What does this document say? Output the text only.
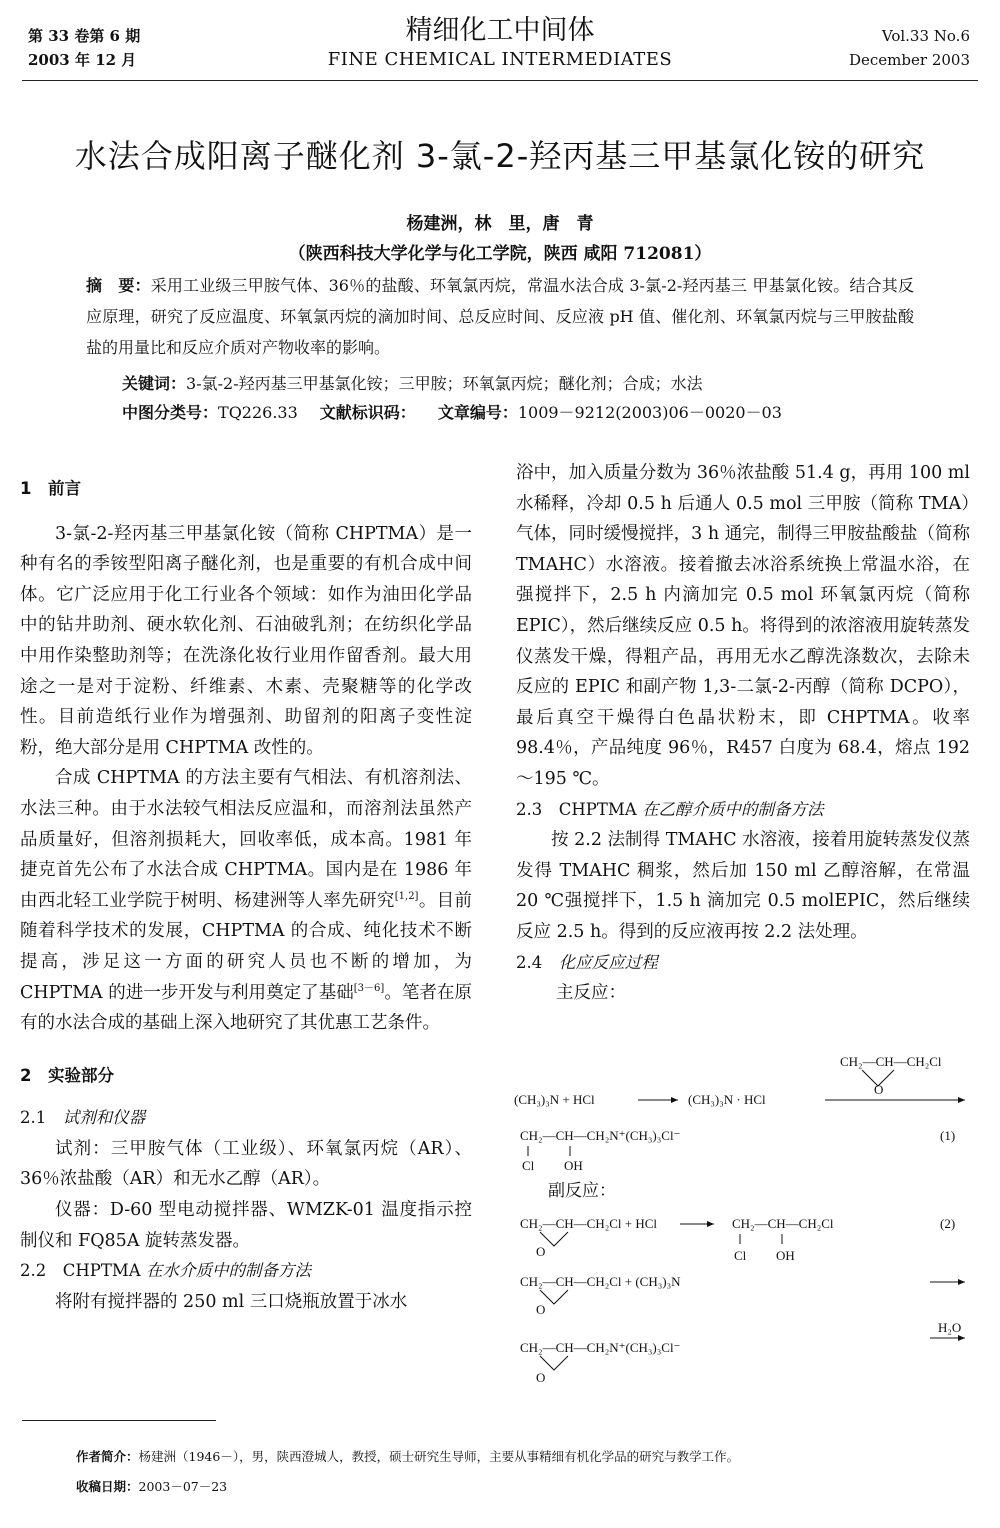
第 33 卷第 6 期
2003 年 12 月
精细化工中间体
FINE CHEMICAL INTERMEDIATES
Vol.33 No.6
December 2003
水法合成阳离子醚化剂 3-氯-2-羟丙基三甲基氯化铵的研究
杨建洲，林　里，唐　青
（陕西科技大学化学与化工学院，陕西 咸阳 712081）
摘　要：采用工业级三甲胺气体、36％的盐酸、环氧氯丙烷，常温水法合成 3-氯-2-羟丙基三 甲基氯化铵。结合其反应原理，研究了反应温度、环氧氯丙烷的滴加时间、总反应时间、反应液 pH 值、催化剂、环氧氯丙烷与三甲胺盐酸盐的用量比和反应介质对产物收率的影响。
关键词：3-氯-2-羟丙基三甲基氯化铵；三甲胺；环氧氯丙烷；醚化剂；合成；水法
中图分类号：TQ226.33 文献标识码： 文章编号：1009－9212(2003)06－0020－03
1　前言

3-氯-2-羟丙基三甲基氯化铵（简称 CHPTMA）是一种有名的季铵型阳离子醚化剂，也是重要的有机合成中间体。它广泛应用于化工行业各个领域：如作为油田化学品中的钻井助剂、硬水软化剂、石油破乳剂；在纺织化学品中用作染整助剂等；在洗涤化妆行业用作留香剂。最大用途之一是对于淀粉、纤维素、木素、壳聚糖等的化学改性。目前造纸行业作为增强剂、助留剂的阳离子变性淀粉，绝大部分是用 CHPTMA 改性的。

合成 CHPTMA 的方法主要有气相法、有机溶剂法、水法三种。由于水法较气相法反应温和，而溶剂法虽然产品质量好，但溶剂损耗大，回收率低，成本高。1981 年捷克首先公布了水法合成 CHPTMA。国内是在 1986 年由西北轻工业学院于树明、杨建洲等人率先研究[1,2]。目前随着科学技术的发展，CHPTMA 的合成、纯化技术不断提高，涉足这一方面的研究人员也不断的增加，为 CHPTMA 的进一步开发与利用奠定了基础[3－6]。笔者在原有的水法合成的基础上深入地研究了其优惠工艺条件。

2　实验部分
2.1　 试剂和仪器

试剂：三甲胺气体（工业级）、环氧氯丙烷（AR）、36％浓盐酸（AR）和无水乙醇（AR）。

仪器：D-60 型电动搅拌器、WMZK-01 温度指示控制仪和 FQ85A 旋转蒸发器。

2.2　 CHPTMA 在水介质中的制备方法

将附有搅拌器的 250 ml 三口烧瓶放置于冰水

浴中，加入质量分数为 36％浓盐酸 51.4 g，再用 100 ml 水稀释，冷却 0.5 h 后通人 0.5 mol 三甲胺（简称 TMA）气体，同时缓慢搅拌，3 h 通完，制得三甲胺盐酸盐（简称 TMAHC）水溶液。接着撤去冰浴系统换上常温水浴，在强搅拌下，2.5 h 内滴加完 0.5 mol 环氧氯丙烷（简称 EPIC），然后继续反应 0.5 h。将得到的浓溶液用旋转蒸发仪蒸发干燥，得粗产品，再用无水乙醇洗涤数次，去除未反应的 EPIC 和副产物 1,3-二氯-2-丙醇（简称 DCPO），最后真空干燥得白色晶状粉末，即 CHPTMA。收率 98.4％，产品纯度 96％，R457 白度为 68.4，熔点 192～195 ℃。

2.3　 CHPTMA 在乙醇介质中的制备方法

按 2.2 法制得 TMAHC 水溶液，接着用旋转蒸发仪蒸发得 TMAHC 稠浆，然后加 150 ml 乙醇溶解，在常温 20 ℃强搅拌下，1.5 h 滴加完 0.5 molEPIC，然后继续反应 2.5 h。得到的反应液再按 2.2 法处理。

2.4　 化应反应过程
主反应：
CH₂—CH—CH₂Cl
O
(CH₃)₃N + HCl	(CH₃)₃N · HCl
CH₂—CH—CH₂N⁺(CH₃)₃Cl⁻
Cl OH
(1)
副反应：
CH₂—CH—CH₂Cl + HCl
O
CH₂—CH—CH₂Cl
Cl OH
(2)
CH₂—CH—CH₂Cl + (CH₃)₃N
O
H₂O
CH₂—CH—CH₂N⁺(CH₃)₃Cl⁻
O
作者简介：杨建洲（1946－），男，陕西澄城人，教授，硕士研究生导师，主要从事精细有机化学品的研究与教学工作。
收稿日期：2003－07－23
